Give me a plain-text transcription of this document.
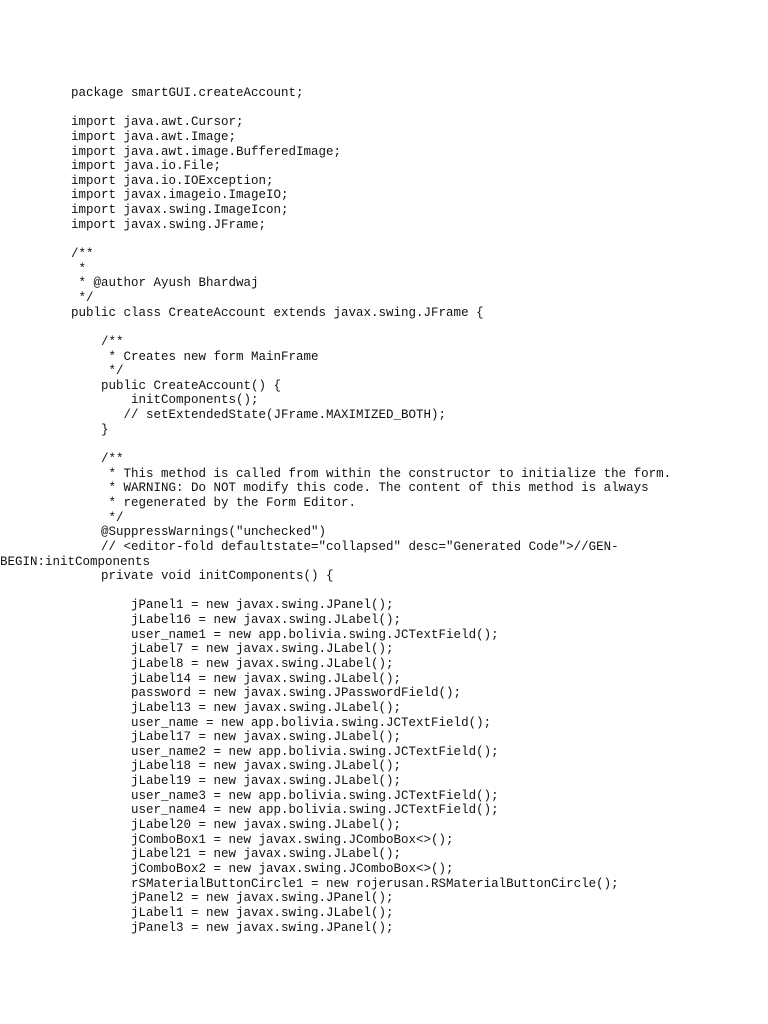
package smartGUI.createAccount;
import java.awt.Cursor;
import java.awt.Image;
import java.awt.image.BufferedImage;
import java.io.File;
import java.io.IOException;
import javax.imageio.ImageIO;
import javax.swing.ImageIcon;
import javax.swing.JFrame;
/**
*
* @author Ayush Bhardwaj
*/
public class CreateAccount extends javax.swing.JFrame {
/**
* Creates new form MainFrame
*/
public CreateAccount() {
initComponents();
// setExtendedState(JFrame.MAXIMIZED_BOTH);
}
/**
* This method is called from within the constructor to initialize the form.
* WARNING: Do NOT modify this code. The content of this method is always
* regenerated by the Form Editor.
*/
@SuppressWarnings("unchecked")
// <editor-fold defaultstate="collapsed" desc="Generated Code">//GEN-
BEGIN:initComponents
private void initComponents() {
jPanel1 = new javax.swing.JPanel();
jLabel16 = new javax.swing.JLabel();
user_name1 = new app.bolivia.swing.JCTextField();
jLabel7 = new javax.swing.JLabel();
jLabel8 = new javax.swing.JLabel();
jLabel14 = new javax.swing.JLabel();
password = new javax.swing.JPasswordField();
jLabel13 = new javax.swing.JLabel();
user_name = new app.bolivia.swing.JCTextField();
jLabel17 = new javax.swing.JLabel();
user_name2 = new app.bolivia.swing.JCTextField();
jLabel18 = new javax.swing.JLabel();
jLabel19 = new javax.swing.JLabel();
user_name3 = new app.bolivia.swing.JCTextField();
user_name4 = new app.bolivia.swing.JCTextField();
jLabel20 = new javax.swing.JLabel();
jComboBox1 = new javax.swing.JComboBox<>();
jLabel21 = new javax.swing.JLabel();
jComboBox2 = new javax.swing.JComboBox<>();
rSMaterialButtonCircle1 = new rojerusan.RSMaterialButtonCircle();
jPanel2 = new javax.swing.JPanel();
jLabel1 = new javax.swing.JLabel();
jPanel3 = new javax.swing.JPanel();
